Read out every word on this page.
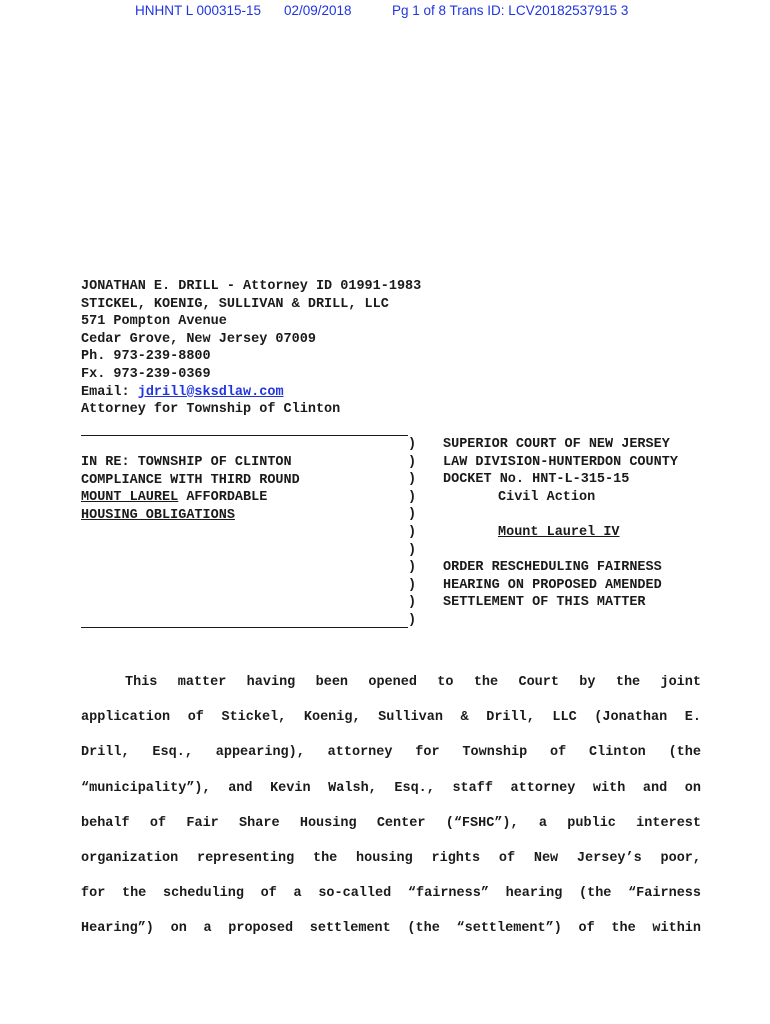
HNHNT L 000315-15 02/09/2018	Pg 1 of 8 Trans ID: LCV20182537915 3
JONATHAN E. DRILL - Attorney ID 01991-1983
STICKEL, KOENIG, SULLIVAN & DRILL, LLC
571 Pompton Avenue
Cedar Grove, New Jersey 07009
Ph. 973-239-8800
Fx. 973-239-0369
Email: jdrill@sksdlaw.com
Attorney for Township of Clinton
IN RE: TOWNSHIP OF CLINTON
COMPLIANCE WITH THIRD ROUND
MOUNT LAUREL AFFORDABLE
HOUSING OBLIGATIONS
)
)
)
)
)
)
)
)
)
)
)
SUPERIOR COURT OF NEW JERSEY
LAW DIVISION-HUNTERDON COUNTY
DOCKET No. HNT-L-315-15
Civil Action
Mount Laurel IV
ORDER RESCHEDULING FAIRNESS
HEARING ON PROPOSED AMENDED
SETTLEMENT OF THIS MATTER

This matter having been opened to the Court by the joint

application of Stickel, Koenig, Sullivan & Drill, LLC (Jonathan E.

Drill, Esq., appearing), attorney for Township of Clinton (the

“municipality”), and Kevin Walsh, Esq., staff attorney with and on

behalf of Fair Share Housing Center (“FSHC”), a public interest

organization representing the housing rights of New Jersey’s poor,

for the scheduling of a so-called “fairness” hearing (the “Fairness

Hearing”) on a proposed settlement (the “settlement”) of the within
